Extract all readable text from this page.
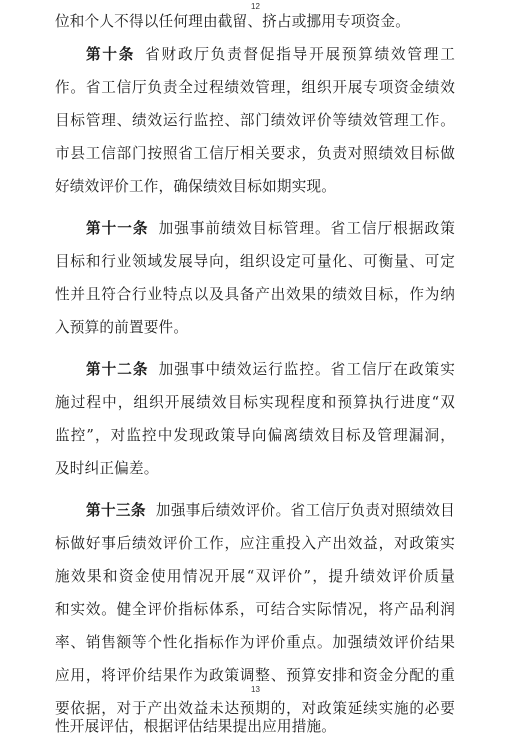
12
位和个人不得以任何理由截留、挤占或挪用专项资金。
第十条 省财政厅负责督促指导开展预算绩效管理工
作。省工信厅负责全过程绩效管理，组织开展专项资金绩效
目标管理、绩效运行监控、部门绩效评价等绩效管理工作。
市县工信部门按照省工信厅相关要求，负责对照绩效目标做
好绩效评价工作，确保绩效目标如期实现。
第十一条 加强事前绩效目标管理。省工信厅根据政策
目标和行业领域发展导向，组织设定可量化、可衡量、可定
性并且符合行业特点以及具备产出效果的绩效目标，作为纳
入预算的前置要件。
第十二条 加强事中绩效运行监控。省工信厅在政策实
施过程中，组织开展绩效目标实现程度和预算执行进度“双
监控”，对监控中发现政策导向偏离绩效目标及管理漏洞，
及时纠正偏差。
第十三条 加强事后绩效评价。省工信厅负责对照绩效目
标做好事后绩效评价工作，应注重投入产出效益，对政策实
施效果和资金使用情况开展“双评价”，提升绩效评价质量
和实效。健全评价指标体系，可结合实际情况，将产品利润
率、销售额等个性化指标作为评价重点。加强绩效评价结果
应用，将评价结果作为政策调整、预算安排和资金分配的重
13
要依据，对于产出效益未达预期的，对政策延续实施的必要
性开展评估，根据评估结果提出应用措施。
